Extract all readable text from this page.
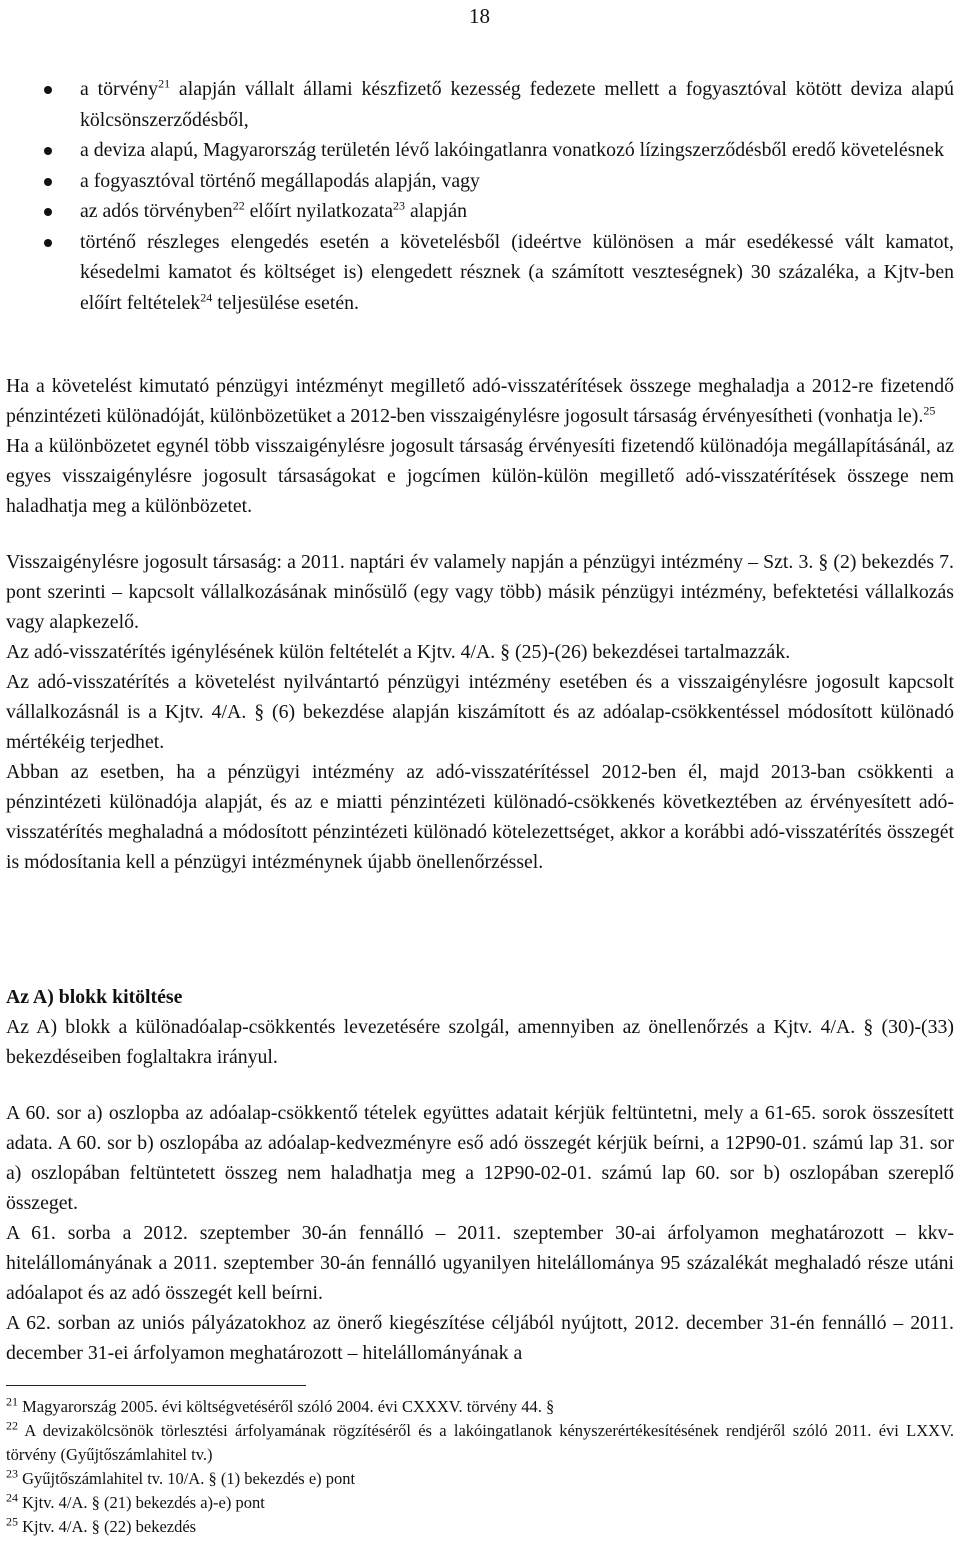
18
a törvény$^{21}$ alapján vállalt állami készfizető kezesség fedezete mellett a fogyasztóval kötött deviza alapú kölcsönszerződésből,
a deviza alapú, Magyarország területén lévő lakóingatlanra vonatkozó lízingszerződésből eredő követelésnek
a fogyasztóval történő megállapodás alapján, vagy
az adós törvényben$^{22}$ előírt nyilatkozata$^{23}$ alapján
történő részleges elengedés esetén a követelésből (ideértve különösen a már esedékessé vált kamatot, késedelmi kamatot és költséget is) elengedett résznek (a számított veszteségnek) 30 százaléka, a Kjtv-ben előírt feltételek$^{24}$ teljesülése esetén.

Ha a követelést kimutató pénzügyi intézményt megillető adó-visszatérítések összege meghaladja a 2012-re fizetendő pénzintézeti különadóját, különbözetüket a 2012-ben visszaigénylésre jogosult társaság érvényesítheti (vonhatja le).$^{25}$

Ha a különbözetet egynél több visszaigénylésre jogosult társaság érvényesíti fizetendő különadója megállapításánál, az egyes visszaigénylésre jogosult társaságokat e jogcímen külön-külön megillető adó-visszatérítések összege nem haladhatja meg a különbözetet.

Visszaigénylésre jogosult társaság: a 2011. naptári év valamely napján a pénzügyi intézmény – Szt. 3. § (2) bekezdés 7. pont szerinti – kapcsolt vállalkozásának minősülő (egy vagy több) másik pénzügyi intézmény, befektetési vállalkozás vagy alapkezelő.

Az adó-visszatérítés igénylésének külön feltételét a Kjtv. 4/A. § (25)-(26) bekezdései tartalmazzák.

Az adó-visszatérítés a követelést nyilvántartó pénzügyi intézmény esetében és a visszaigénylésre jogosult kapcsolt vállalkozásnál is a Kjtv. 4/A. § (6) bekezdése alapján kiszámított és az adóalap-csökkentéssel módosított különadó mértékéig terjedhet.

Abban az esetben, ha a pénzügyi intézmény az adó-visszatérítéssel 2012-ben él, majd 2013-ban csökkenti a pénzintézeti különadója alapját, és az e miatti pénzintézeti különadó-csökkenés következtében az érvényesített adó-visszatérítés meghaladná a módosított pénzintézeti különadó kötelezettséget, akkor a korábbi adó-visszatérítés összegét is módosítania kell a pénzügyi intézménynek újabb önellenőrzéssel.

Az A) blokk kitöltése

Az A) blokk a különadóalap-csökkentés levezetésére szolgál, amennyiben az önellenőrzés a Kjtv. 4/A. § (30)-(33) bekezdéseiben foglaltakra irányul.

A 60. sor a) oszlopba az adóalap-csökkentő tételek együttes adatait kérjük feltüntetni, mely a 61-65. sorok összesített adata. A 60. sor b) oszlopába az adóalap-kedvezményre eső adó összegét kérjük beírni, a 12P90-01. számú lap 31. sor a) oszlopában feltüntetett összeg nem haladhatja meg a 12P90-02-01. számú lap 60. sor b) oszlopában szereplő összeget.

A 61. sorba a 2012. szeptember 30-án fennálló – 2011. szeptember 30-ai árfolyamon meghatározott – kkv-hitelállományának a 2011. szeptember 30-án fennálló ugyanilyen hitelállománya 95 százalékát meghaladó része utáni adóalapot és az adó összegét kell beírni.

A 62. sorban az uniós pályázatokhoz az önerő kiegészítése céljából nyújtott, 2012. december 31-én fennálló – 2011. december 31-ei árfolyamon meghatározott – hitelállományának a

$^{21}$ Magyarország 2005. évi költségvetéséről szóló 2004. évi CXXXV. törvény 44. §

$^{22}$ A devizakölcsönök törlesztési árfolyamának rögzítéséről és a lakóingatlanok kényszerértékesítésének rendjéről szóló 2011. évi LXXV. törvény (Gyűjtőszámlahitel tv.)

$^{23}$ Gyűjtőszámlahitel tv. 10/A. § (1) bekezdés e) pont

$^{24}$ Kjtv. 4/A. § (21) bekezdés a)-e) pont

$^{25}$ Kjtv. 4/A. § (22) bekezdés
